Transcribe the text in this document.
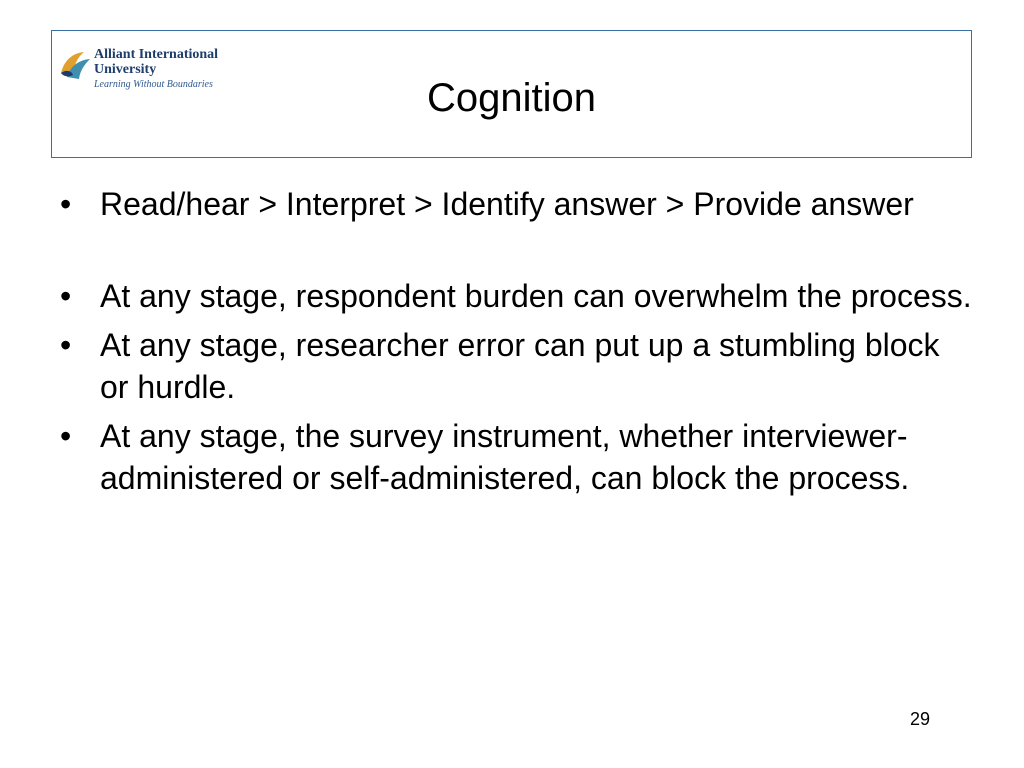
Alliant International
University
Learning Without Boundaries	Cognition
• Read/hear > Interpret > Identify answer > Provide answer
• At any stage, respondent burden can overwhelm the process.
• At any stage, researcher error can put up a stumbling block or hurdle.
• At any stage, the survey instrument, whether interviewer-administered or self-administered, can block the process.
29
